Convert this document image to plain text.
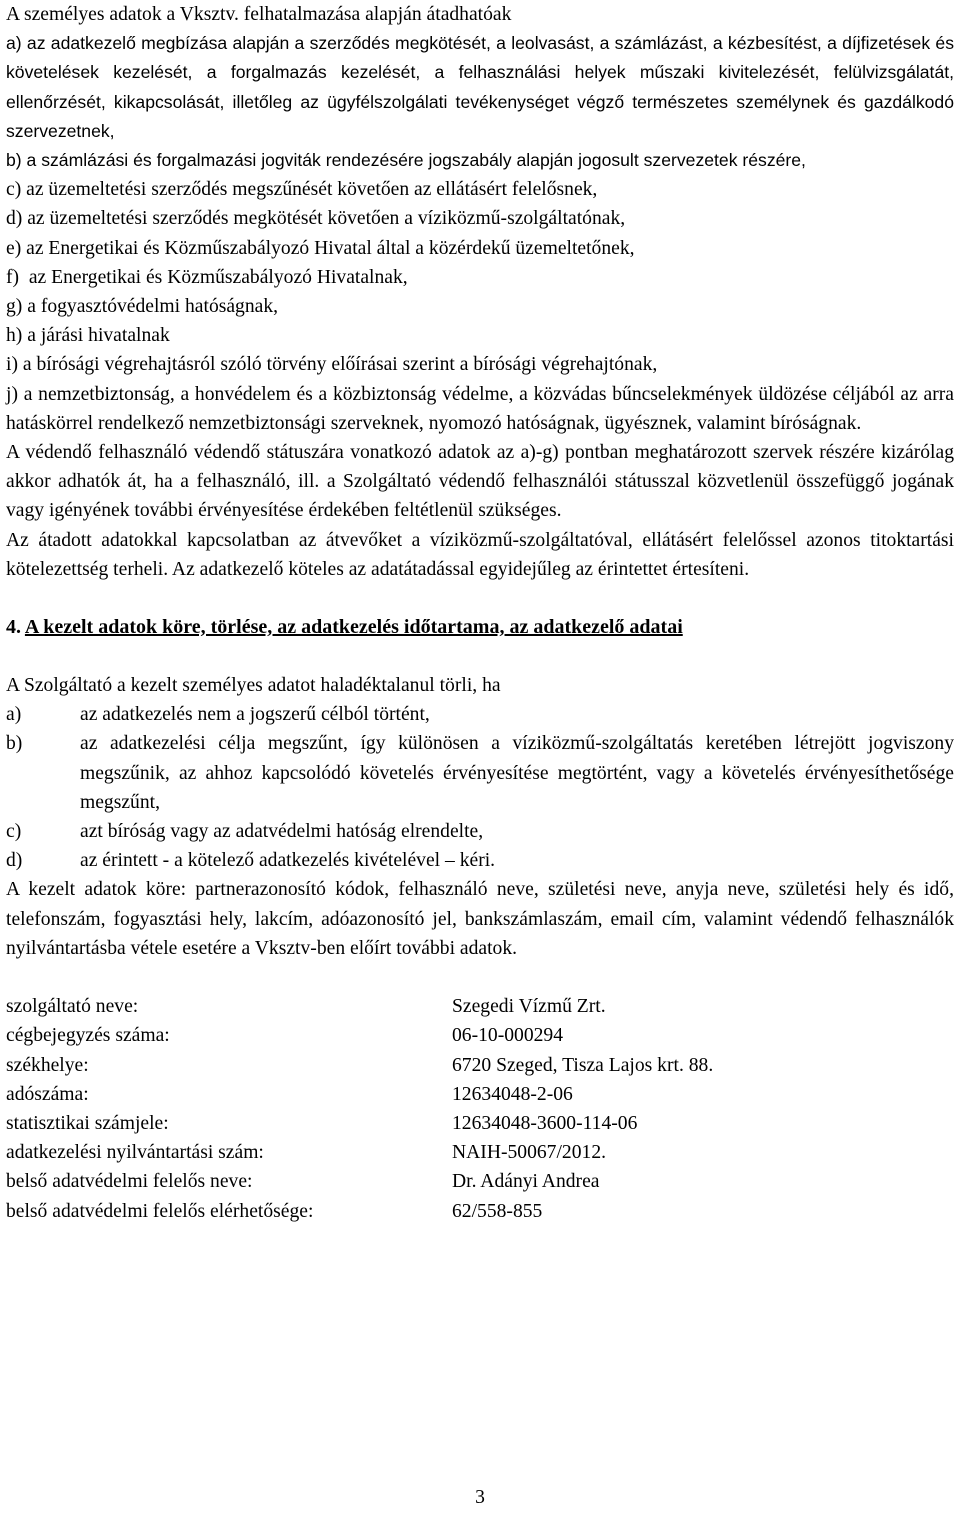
A személyes adatok a Vksztv. felhatalmazása alapján átadhatóak

a) az adatkezelő megbízása alapján a szerződés megkötését, a leolvasást, a számlázást, a kézbesítést, a díjfizetések és követelések kezelését, a forgalmazás kezelését, a felhasználási helyek műszaki kivitelezését, felülvizsgálatát, ellenőrzését, kikapcsolását, illetőleg az ügyfélszolgálati tevékenységet végző természetes személynek és gazdálkodó szervezetnek,

b) a számlázási és forgalmazási jogviták rendezésére jogszabály alapján jogosult szervezetek részére,

c) az üzemeltetési szerződés megszűnését követően az ellátásért felelősnek,

d) az üzemeltetési szerződés megkötését követően a víziközmű-szolgáltatónak,

e) az Energetikai és Közműszabályozó Hivatal által a közérdekű üzemeltetőnek,

f)  az Energetikai és Közműszabályozó Hivatalnak,

g) a fogyasztóvédelmi hatóságnak,

h) a járási hivatalnak

i) a bírósági végrehajtásról szóló törvény előírásai szerint a bírósági végrehajtónak,

j) a nemzetbiztonság, a honvédelem és a közbiztonság védelme, a közvádas bűncselekmények üldözése céljából az arra hatáskörrel rendelkező nemzetbiztonsági szerveknek, nyomozó hatóságnak, ügyésznek, valamint bíróságnak.

A védendő felhasználó védendő státuszára vonatkozó adatok az a)-g) pontban meghatározott szervek részére kizárólag akkor adhatók át, ha a felhasználó, ill. a Szolgáltató védendő felhasználói státusszal közvetlenül összefüggő jogának vagy igényének további érvényesítése érdekében feltétlenül szükséges.

Az átadott adatokkal kapcsolatban az átvevőket a víziközmű-szolgáltatóval, ellátásért felelőssel azonos titoktartási kötelezettség terheli. Az adatkezelő köteles az adatátadással egyidejűleg az érintettet értesíteni.

4. A kezelt adatok köre, törlése, az adatkezelés időtartama, az adatkezelő adatai

A Szolgáltató a kezelt személyes adatot haladéktalanul törli, ha

a)	az adatkezelés nem a jogszerű célból történt,
b)	az adatkezelési célja megszűnt, így különösen a víziközmű-szolgáltatás keretében létrejött jogviszony megszűnik, az ahhoz kapcsolódó követelés érvényesítése megtörtént, vagy a követelés érvényesíthetősége megszűnt,
c)	azt bíróság vagy az adatvédelmi hatóság elrendelte,
d)	az érintett - a kötelező adatkezelés kivételével – kéri.

A kezelt adatok köre: partnerazonosító kódok, felhasználó neve, születési neve, anyja neve, születési hely és idő, telefonszám, fogyasztási hely, lakcím, adóazonosító jel, bankszámlaszám, email cím, valamint védendő felhasználók nyilvántartásba vétele esetére a Vksztv-ben előírt további adatok.

szolgáltató neve:	Szegedi Vízmű Zrt.
cégbejegyzés száma:	06-10-000294
székhelye:	6720 Szeged, Tisza Lajos krt. 88.
adószáma:	12634048-2-06
statisztikai számjele:	12634048-3600-114-06
adatkezelési nyilvántartási szám:	NAIH-50067/2012.
belső adatvédelmi felelős neve:	Dr. Adányi Andrea
belső adatvédelmi felelős elérhetősége:	62/558-855
3
